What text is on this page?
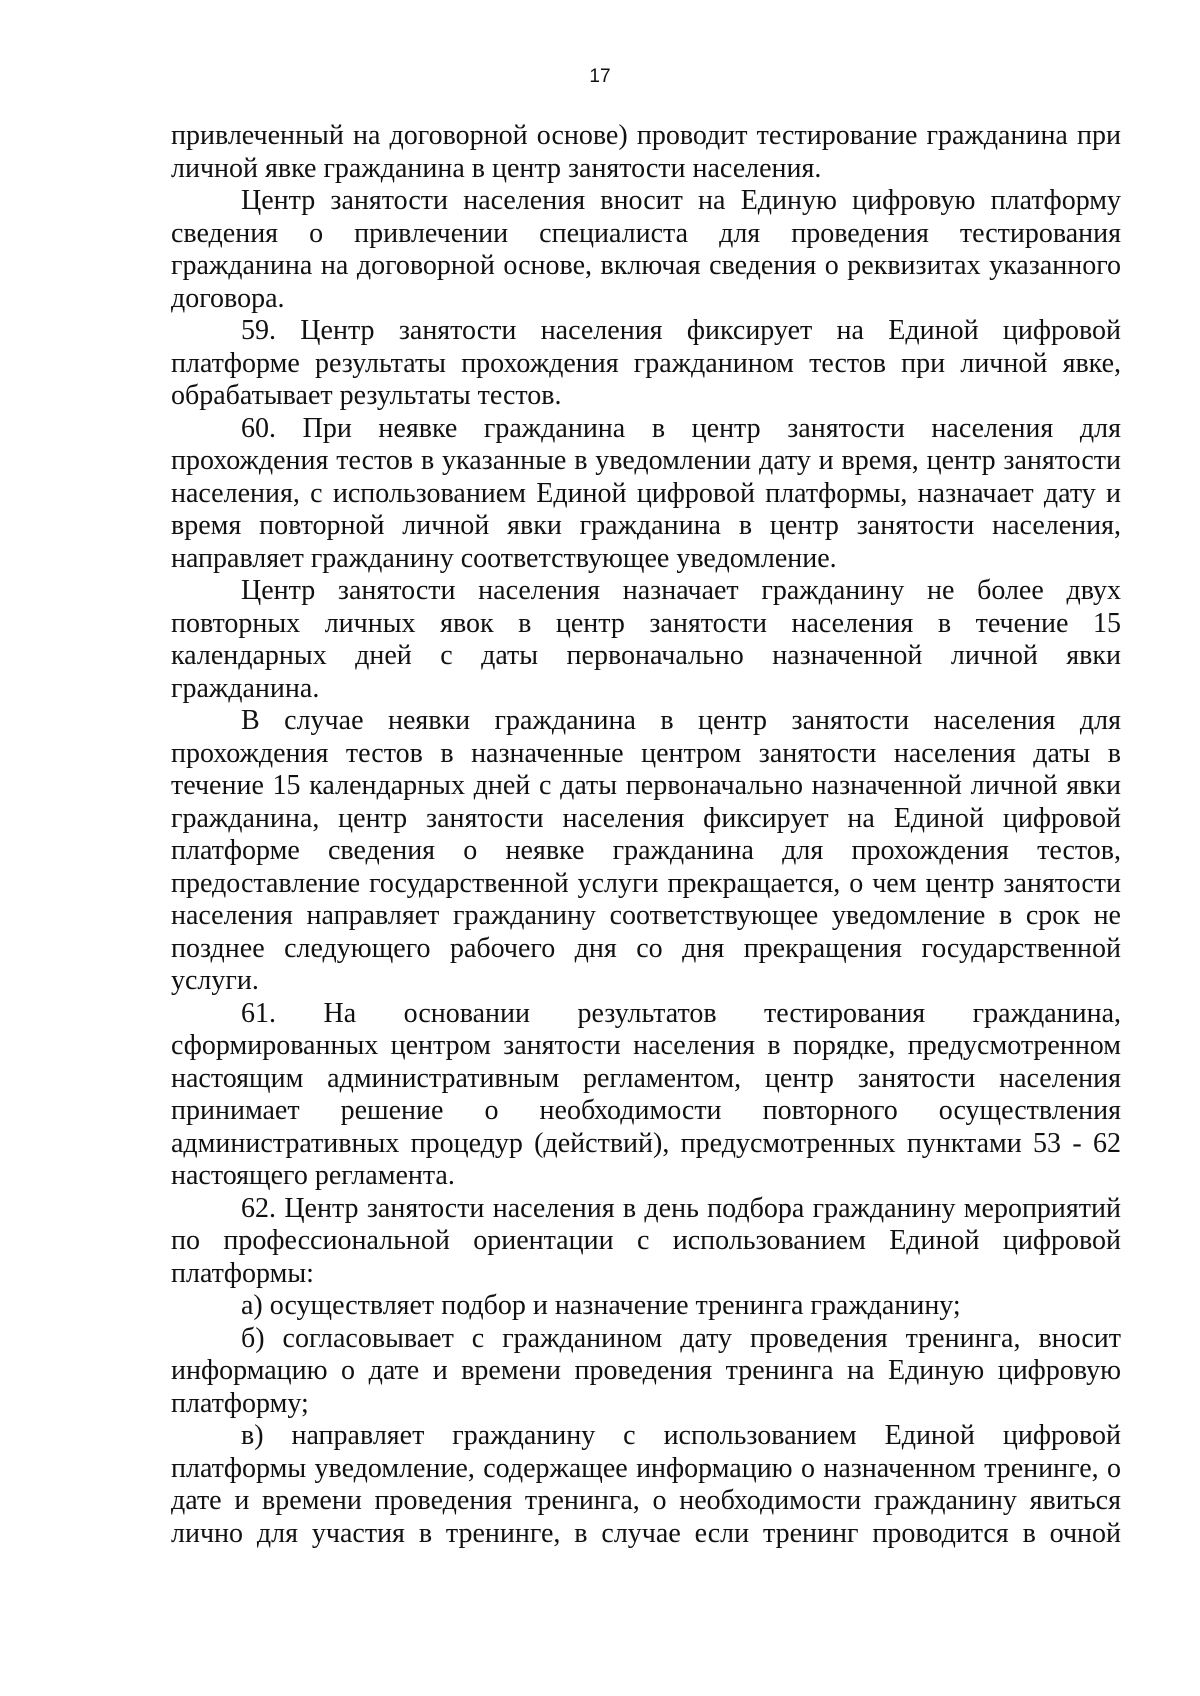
17

привлеченный на договорной основе) проводит тестирование гражданина при личной явке гражданина в центр занятости населения.

Центр занятости населения вносит на Единую цифровую платформу сведения о привлечении специалиста для проведения тестирования гражданина на договорной основе, включая сведения о реквизитах указанного договора.

59. Центр занятости населения фиксирует на Единой цифровой платформе результаты прохождения гражданином тестов при личной явке, обрабатывает результаты тестов.

60. При неявке гражданина в центр занятости населения для прохождения тестов в указанные в уведомлении дату и время, центр занятости населения, с использованием Единой цифровой платформы, назначает дату и время повторной личной явки гражданина в центр занятости населения, направляет гражданину соответствующее уведомление.

Центр занятости населения назначает гражданину не более двух повторных личных явок в центр занятости населения в течение 15 календарных дней с даты первоначально назначенной личной явки гражданина.

В случае неявки гражданина в центр занятости населения для прохождения тестов в назначенные центром занятости населения даты в течение 15 календарных дней с даты первоначально назначенной личной явки гражданина, центр занятости населения фиксирует на Единой цифровой платформе сведения о неявке гражданина для прохождения тестов, предоставление государственной услуги прекращается, о чем центр занятости населения направляет гражданину соответствующее уведомление в срок не позднее следующего рабочего дня со дня прекращения государственной услуги.

61. На основании результатов тестирования гражданина, сформированных центром занятости населения в порядке, предусмотренном настоящим административным регламентом, центр занятости населения принимает решение о необходимости повторного осуществления административных процедур (действий), предусмотренных пунктами 53 - 62 настоящего регламента.

62. Центр занятости населения в день подбора гражданину мероприятий по профессиональной ориентации с использованием Единой цифровой платформы:

а) осуществляет подбор и назначение тренинга гражданину;

б) согласовывает с гражданином дату проведения тренинга, вносит информацию о дате и времени проведения тренинга на Единую цифровую платформу;

в) направляет гражданину с использованием Единой цифровой платформы уведомление, содержащее информацию о назначенном тренинге, о дате и времени проведения тренинга, о необходимости гражданину явиться лично для участия в тренинге, в случае если тренинг проводится в очной
